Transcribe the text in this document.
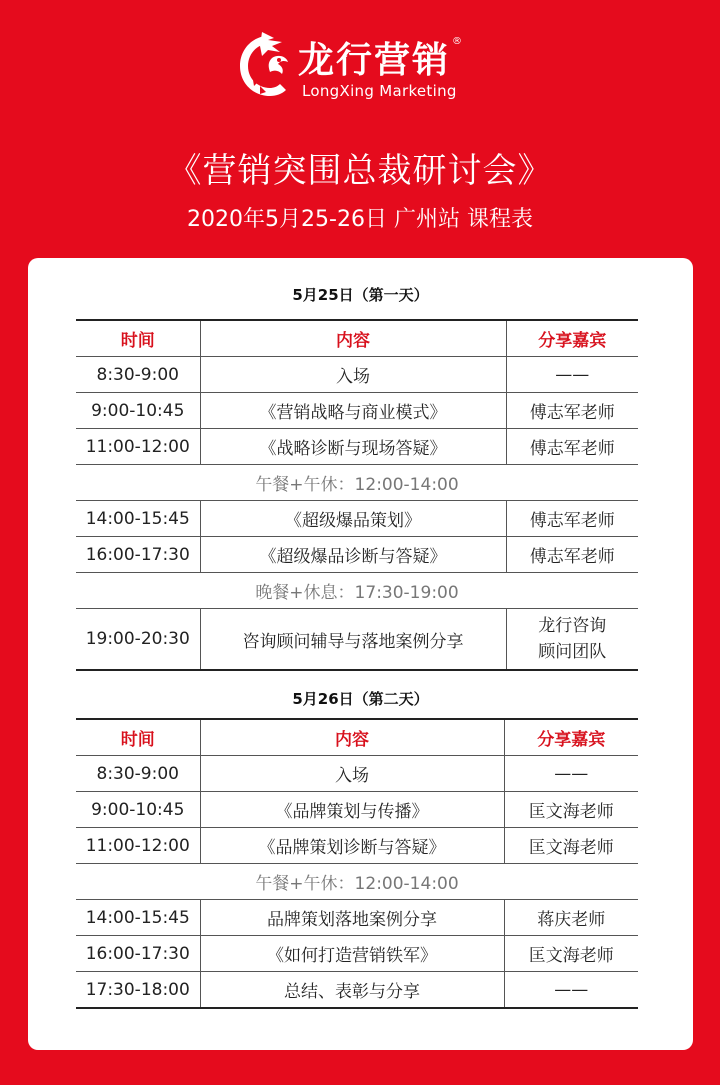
龙行营销 ®
LongXing Marketing
《营销突围总裁研讨会》
2020年5月25-26日 广州站 课程表
5月25日（第一天）
时间	内容	分享嘉宾
8:30-9:00	入场	——
9:00-10:45	《营销战略与商业模式》	傅志军老师
11:00-12:00	《战略诊断与现场答疑》	傅志军老师
午餐+午休：12:00-14:00		
14:00-15:45	《超级爆品策划》	傅志军老师
16:00-17:30	《超级爆品诊断与答疑》	傅志军老师
晚餐+休息：17:30-19:00		
19:00-20:30	咨询顾问辅导与落地案例分享	龙行咨询
顾问团队
5月26日（第二天）
时间	内容	分享嘉宾
8:30-9:00	入场	——
9:00-10:45	《品牌策划与传播》	匡文海老师
11:00-12:00	《品牌策划诊断与答疑》	匡文海老师
午餐+午休：12:00-14:00		
14:00-15:45	品牌策划落地案例分享	蒋庆老师
16:00-17:30	《如何打造营销铁军》	匡文海老师
17:30-18:00	总结、表彰与分享	——
